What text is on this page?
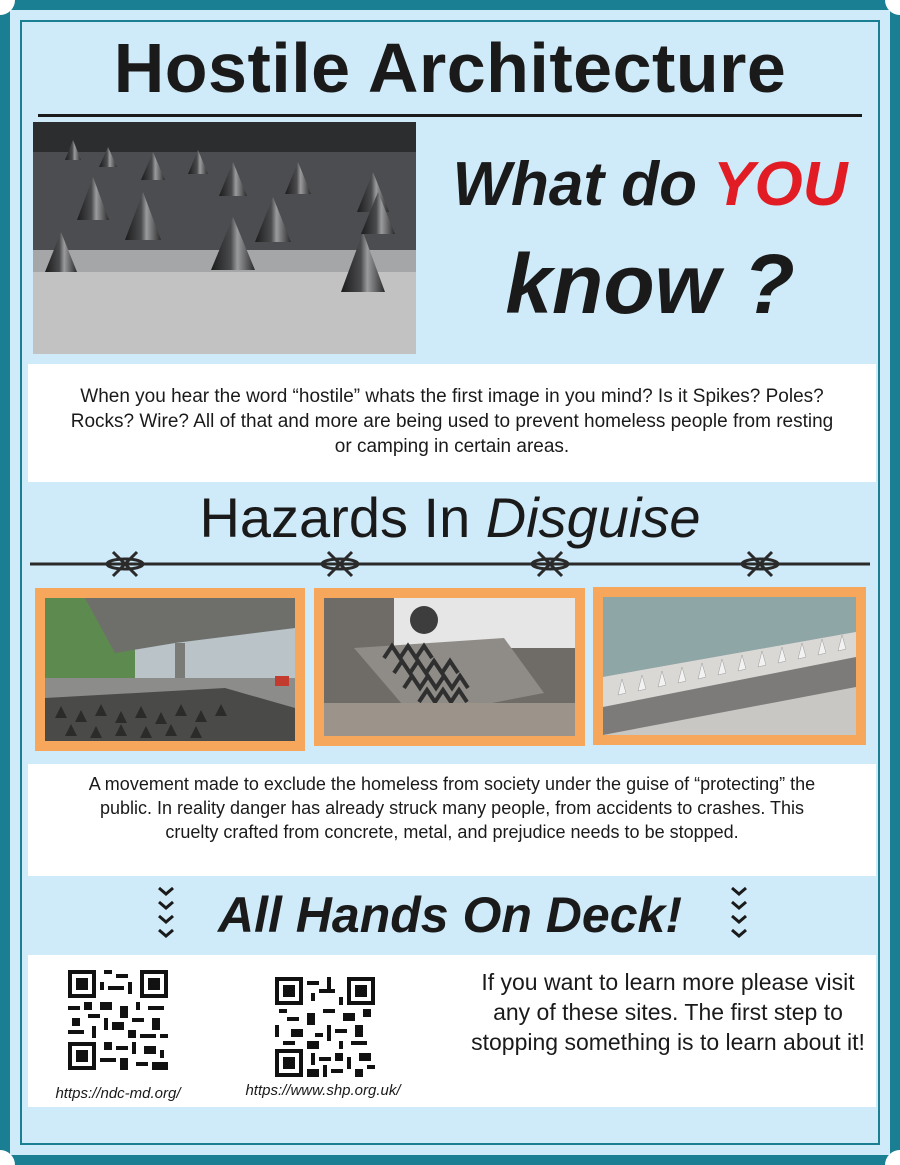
Hostile Architecture
What do YOU
know ?
When you hear the word “hostile” whats the first image in you mind? Is it Spikes? Poles? Rocks? Wire? All of that and more are being used to prevent homeless people from resting or camping in certain areas.
Hazards In Disguise
A movement made to exclude the homeless from society under the guise of “protecting” the public. In reality danger has already struck many people, from accidents to crashes. This cruelty crafted from concrete, metal, and prejudice needs to be stopped.
All Hands On Deck!
https://ndc-md.org/	https://www.shp.org.uk/
If you want to learn more please visit any of these sites. The first step to stopping something is to learn about it!
